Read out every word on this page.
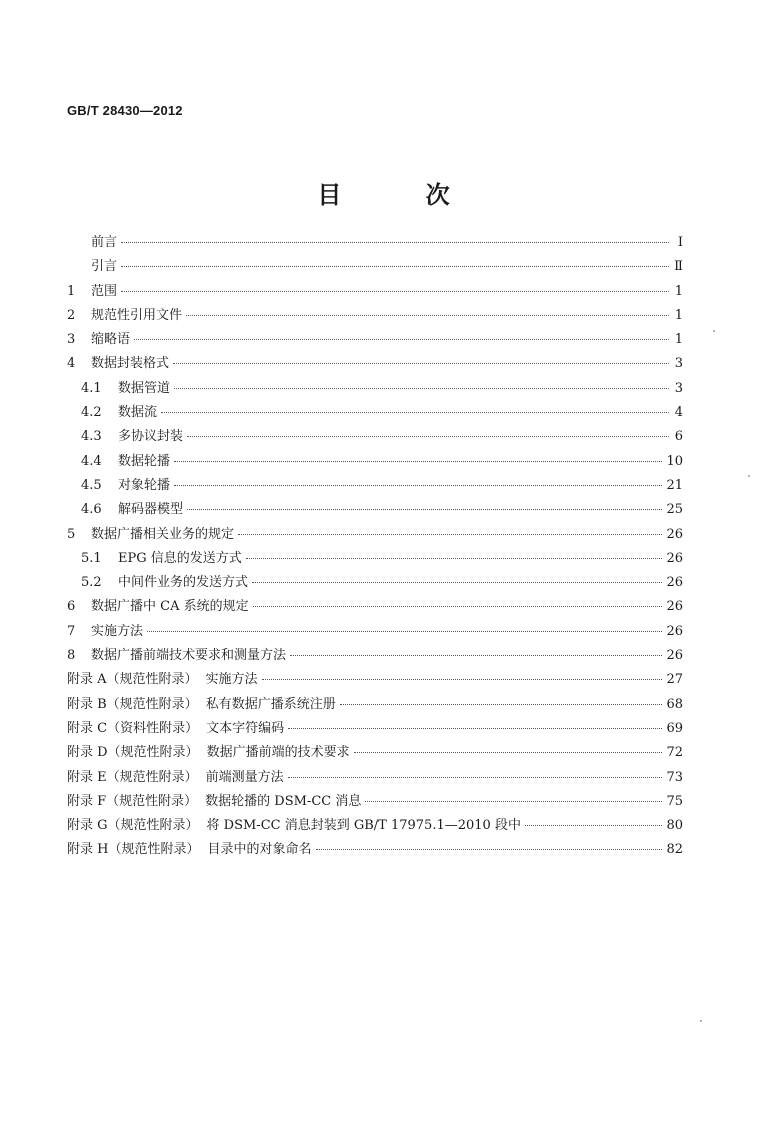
GB/T 28430—2012
目 次
前言	Ⅰ
引言	Ⅱ
1	范围	1
2	规范性引用文件	1
3	缩略语	1
4	数据封装格式	3
4.1	数据管道	3
4.2	数据流	4
4.3	多协议封装	6
4.4	数据轮播	10
4.5	对象轮播	21
4.6	解码器模型	25
5	数据广播相关业务的规定	26
5.1	EPG 信息的发送方式	26
5.2	中间件业务的发送方式	26
6	数据广播中 CA 系统的规定	26
7	实施方法	26
8	数据广播前端技术要求和测量方法	26
附录 A（规范性附录） 实施方法	27
附录 B（规范性附录） 私有数据广播系统注册	68
附录 C（资料性附录） 文本字符编码	69
附录 D（规范性附录） 数据广播前端的技术要求	72
附录 E（规范性附录） 前端测量方法	73
附录 F（规范性附录） 数据轮播的 DSM-CC 消息	75
附录 G（规范性附录） 将 DSM-CC 消息封装到 GB/T 17975.1—2010 段中	80
附录 H（规范性附录） 目录中的对象命名	82
